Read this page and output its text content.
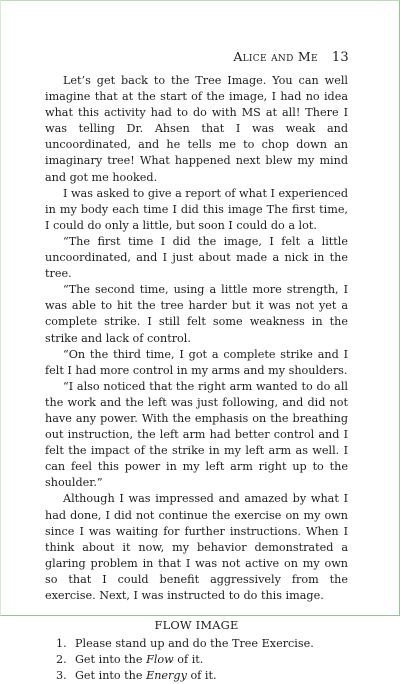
Alice and Me 13

Let’s get back to the Tree Image. You can well imagine that at the start of the image, I had no idea what this activity had to do with MS at all! There I was telling Dr. Ahsen that I was weak and uncoordinated, and he tells me to chop down an imaginary tree! What happened next blew my mind and got me hooked.

I was asked to give a report of what I experienced in my body each time I did this image The first time, I could do only a little, but soon I could do a lot.

“The first time I did the image, I felt a little uncoordinated, and I just about made a nick in the tree.

“The second time, using a little more strength, I was able to hit the tree harder but it was not yet a complete strike. I still felt some weakness in the strike and lack of control.

“On the third time, I got a complete strike and I felt I had more control in my arms and my shoulders.

“I also noticed that the right arm wanted to do all the work and the left was just following, and did not have any power. With the emphasis on the breathing out instruction, the left arm had better control and I felt the impact of the strike in my left arm as well. I can feel this power in my left arm right up to the shoulder.”

Although I was impressed and amazed by what I had done, I did not continue the exercise on my own since I was waiting for further instructions. When I think about it now, my behavior demonstrated a glaring problem in that I was not active on my own so that I could benefit aggressively from the exercise. Next, I was instructed to do this image.

FLOW IMAGE
1. Please stand up and do the Tree Exercise.
2. Get into the Flow of it.
3. Get into the Energy of it.
